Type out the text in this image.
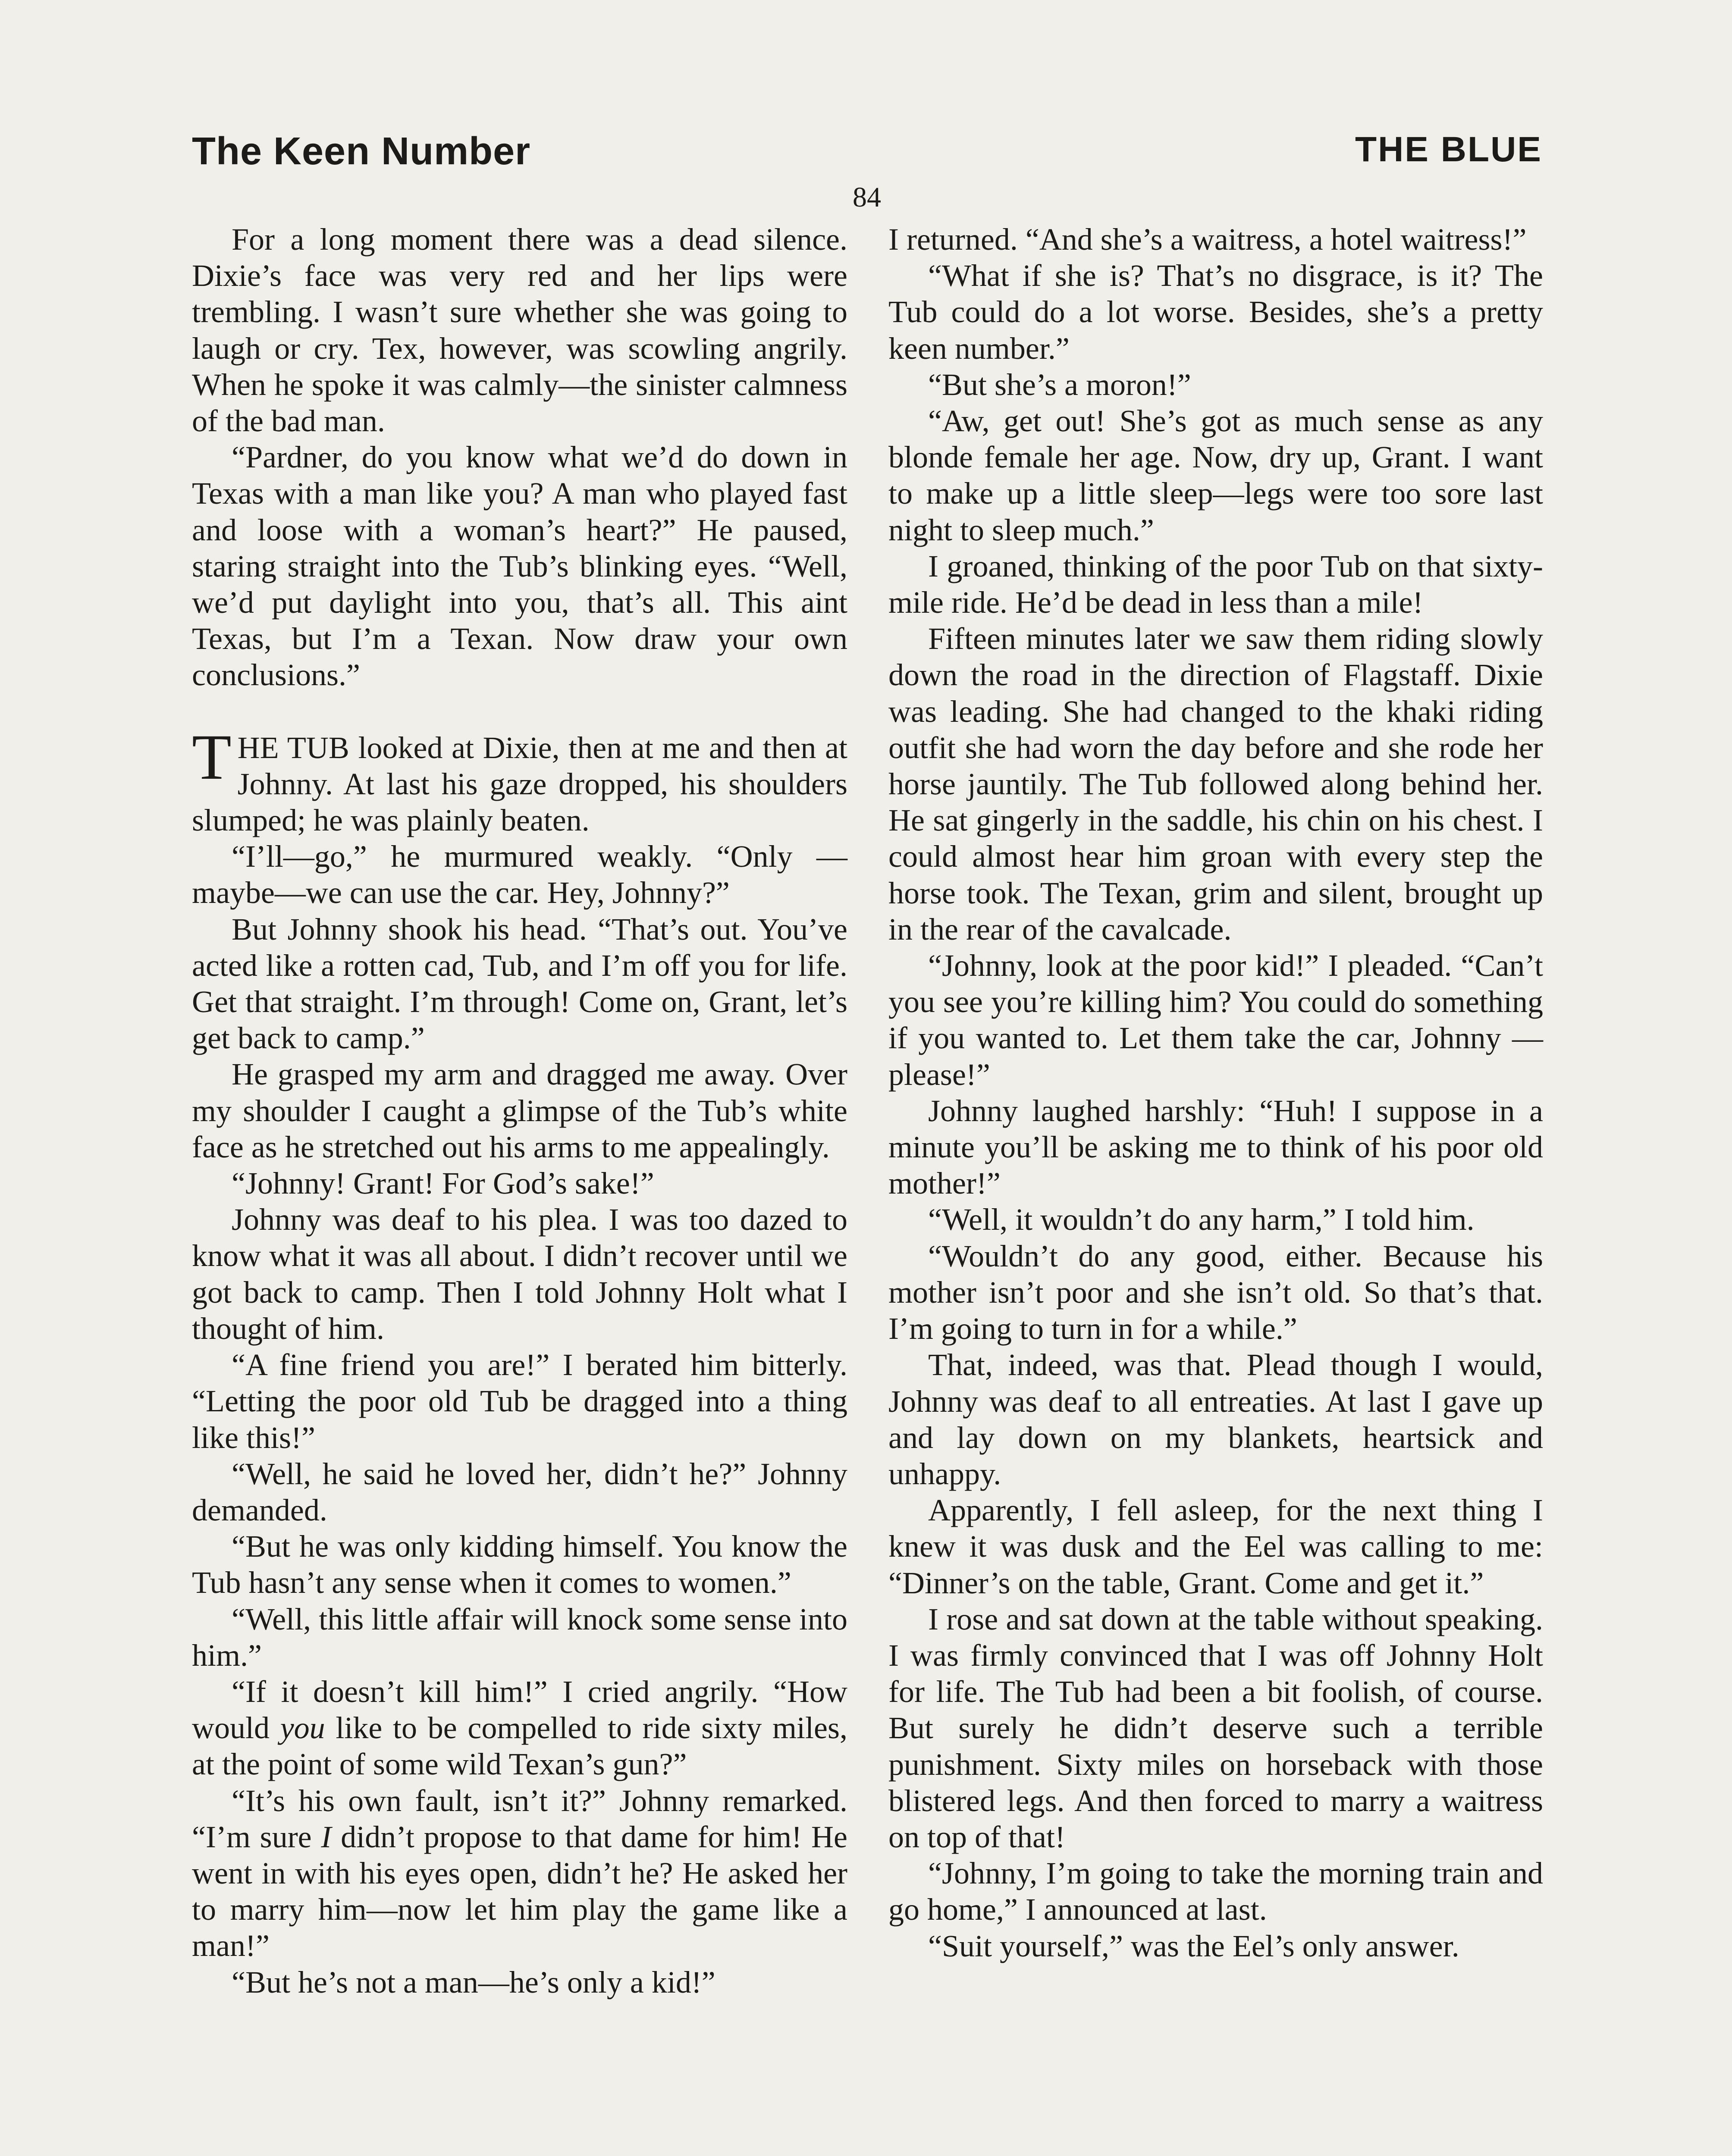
The Keen Number	THE BLUE
84

For a long moment there was a dead silence. Dixie’s face was very red and her lips were trembling. I wasn’t sure whether she was going to laugh or cry. Tex, however, was scowling angrily. When he spoke it was calmly—the sinister calmness of the bad man.

“Pardner, do you know what we’d do down in Texas with a man like you? A man who played fast and loose with a woman’s heart?” He paused, staring straight into the Tub’s blinking eyes. “Well, we’d put daylight into you, that’s all. This aint Texas, but I’m a Texan. Now draw your own conclusions.”

THE TUB looked at Dixie, then at me and then at Johnny. At last his gaze dropped, his shoulders slumped; he was plainly beaten.

“I’ll—go,” he murmured weakly. “Only —maybe—we can use the car. Hey, Johnny?”

But Johnny shook his head. “That’s out. You’ve acted like a rotten cad, Tub, and I’m off you for life. Get that straight. I’m through! Come on, Grant, let’s get back to camp.”

He grasped my arm and dragged me away. Over my shoulder I caught a glimpse of the Tub’s white face as he stretched out his arms to me appealingly.

“Johnny! Grant! For God’s sake!”

Johnny was deaf to his plea. I was too dazed to know what it was all about. I didn’t recover until we got back to camp. Then I told Johnny Holt what I thought of him.

“A fine friend you are!” I berated him bitterly. “Letting the poor old Tub be dragged into a thing like this!”

“Well, he said he loved her, didn’t he?” Johnny demanded.

“But he was only kidding himself. You know the Tub hasn’t any sense when it comes to women.”

“Well, this little affair will knock some sense into him.”

“If it doesn’t kill him!” I cried angrily. “How would you like to be compelled to ride sixty miles, at the point of some wild Texan’s gun?”

“It’s his own fault, isn’t it?” Johnny remarked. “I’m sure I didn’t propose to that dame for him! He went in with his eyes open, didn’t he? He asked her to marry him—now let him play the game like a man!”

“But he’s not a man—he’s only a kid!”

I returned. “And she’s a waitress, a hotel waitress!”

“What if she is? That’s no disgrace, is it? The Tub could do a lot worse. Besides, she’s a pretty keen number.”

“But she’s a moron!”

“Aw, get out! She’s got as much sense as any blonde female her age. Now, dry up, Grant. I want to make up a little sleep—legs were too sore last night to sleep much.”

I groaned, thinking of the poor Tub on that sixty-mile ride. He’d be dead in less than a mile!

Fifteen minutes later we saw them riding slowly down the road in the direction of Flagstaff. Dixie was leading. She had changed to the khaki riding outfit she had worn the day before and she rode her horse jauntily. The Tub followed along behind her. He sat gingerly in the saddle, his chin on his chest. I could almost hear him groan with every step the horse took. The Texan, grim and silent, brought up in the rear of the cavalcade.

“Johnny, look at the poor kid!” I pleaded. “Can’t you see you’re killing him? You could do something if you wanted to. Let them take the car, Johnny —please!”

Johnny laughed harshly: “Huh! I suppose in a minute you’ll be asking me to think of his poor old mother!”

“Well, it wouldn’t do any harm,” I told him.

“Wouldn’t do any good, either. Because his mother isn’t poor and she isn’t old. So that’s that. I’m going to turn in for a while.”

That, indeed, was that. Plead though I would, Johnny was deaf to all entreaties. At last I gave up and lay down on my blankets, heartsick and unhappy.

Apparently, I fell asleep, for the next thing I knew it was dusk and the Eel was calling to me: “Dinner’s on the table, Grant. Come and get it.”

I rose and sat down at the table without speaking. I was firmly convinced that I was off Johnny Holt for life. The Tub had been a bit foolish, of course. But surely he didn’t deserve such a terrible punishment. Sixty miles on horseback with those blistered legs. And then forced to marry a waitress on top of that!

“Johnny, I’m going to take the morning train and go home,” I announced at last.

“Suit yourself,” was the Eel’s only answer.
